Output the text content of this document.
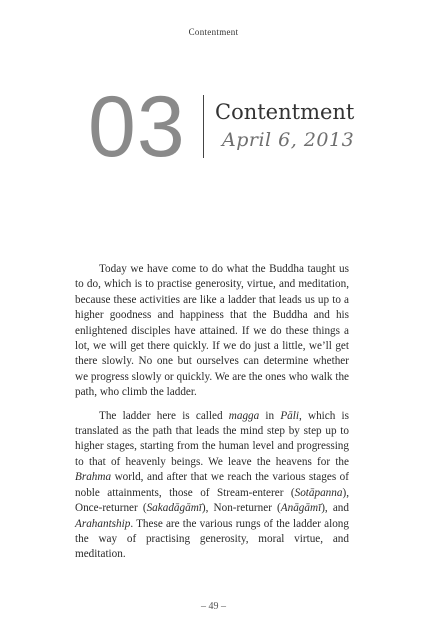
Contentment
03 Contentment
April 6, 2013

Today we have come to do what the Buddha taught us to do, which is to practise generosity, virtue, and meditation, because these activities are like a ladder that leads us up to a higher goodness and happiness that the Buddha and his enlightened disciples have attained. If we do these things a lot, we will get there quickly. If we do just a little, we’ll get there slowly. No one but ourselves can determine whether we progress slowly or quickly. We are the ones who walk the path, who climb the ladder.

The ladder here is called magga in Pāli, which is translated as the path that leads the mind step by step up to higher stages, starting from the human level and progressing to that of heavenly beings. We leave the heavens for the Brahma world, and after that we reach the various stages of noble attainments, those of Stream-enterer (Sotāpanna), Once-returner (Sakadāgāmī), Non-returner (Anāgāmī), and Arahantship. These are the various rungs of the ladder along the way of practising generosity, moral virtue, and meditation.

– 49 –
